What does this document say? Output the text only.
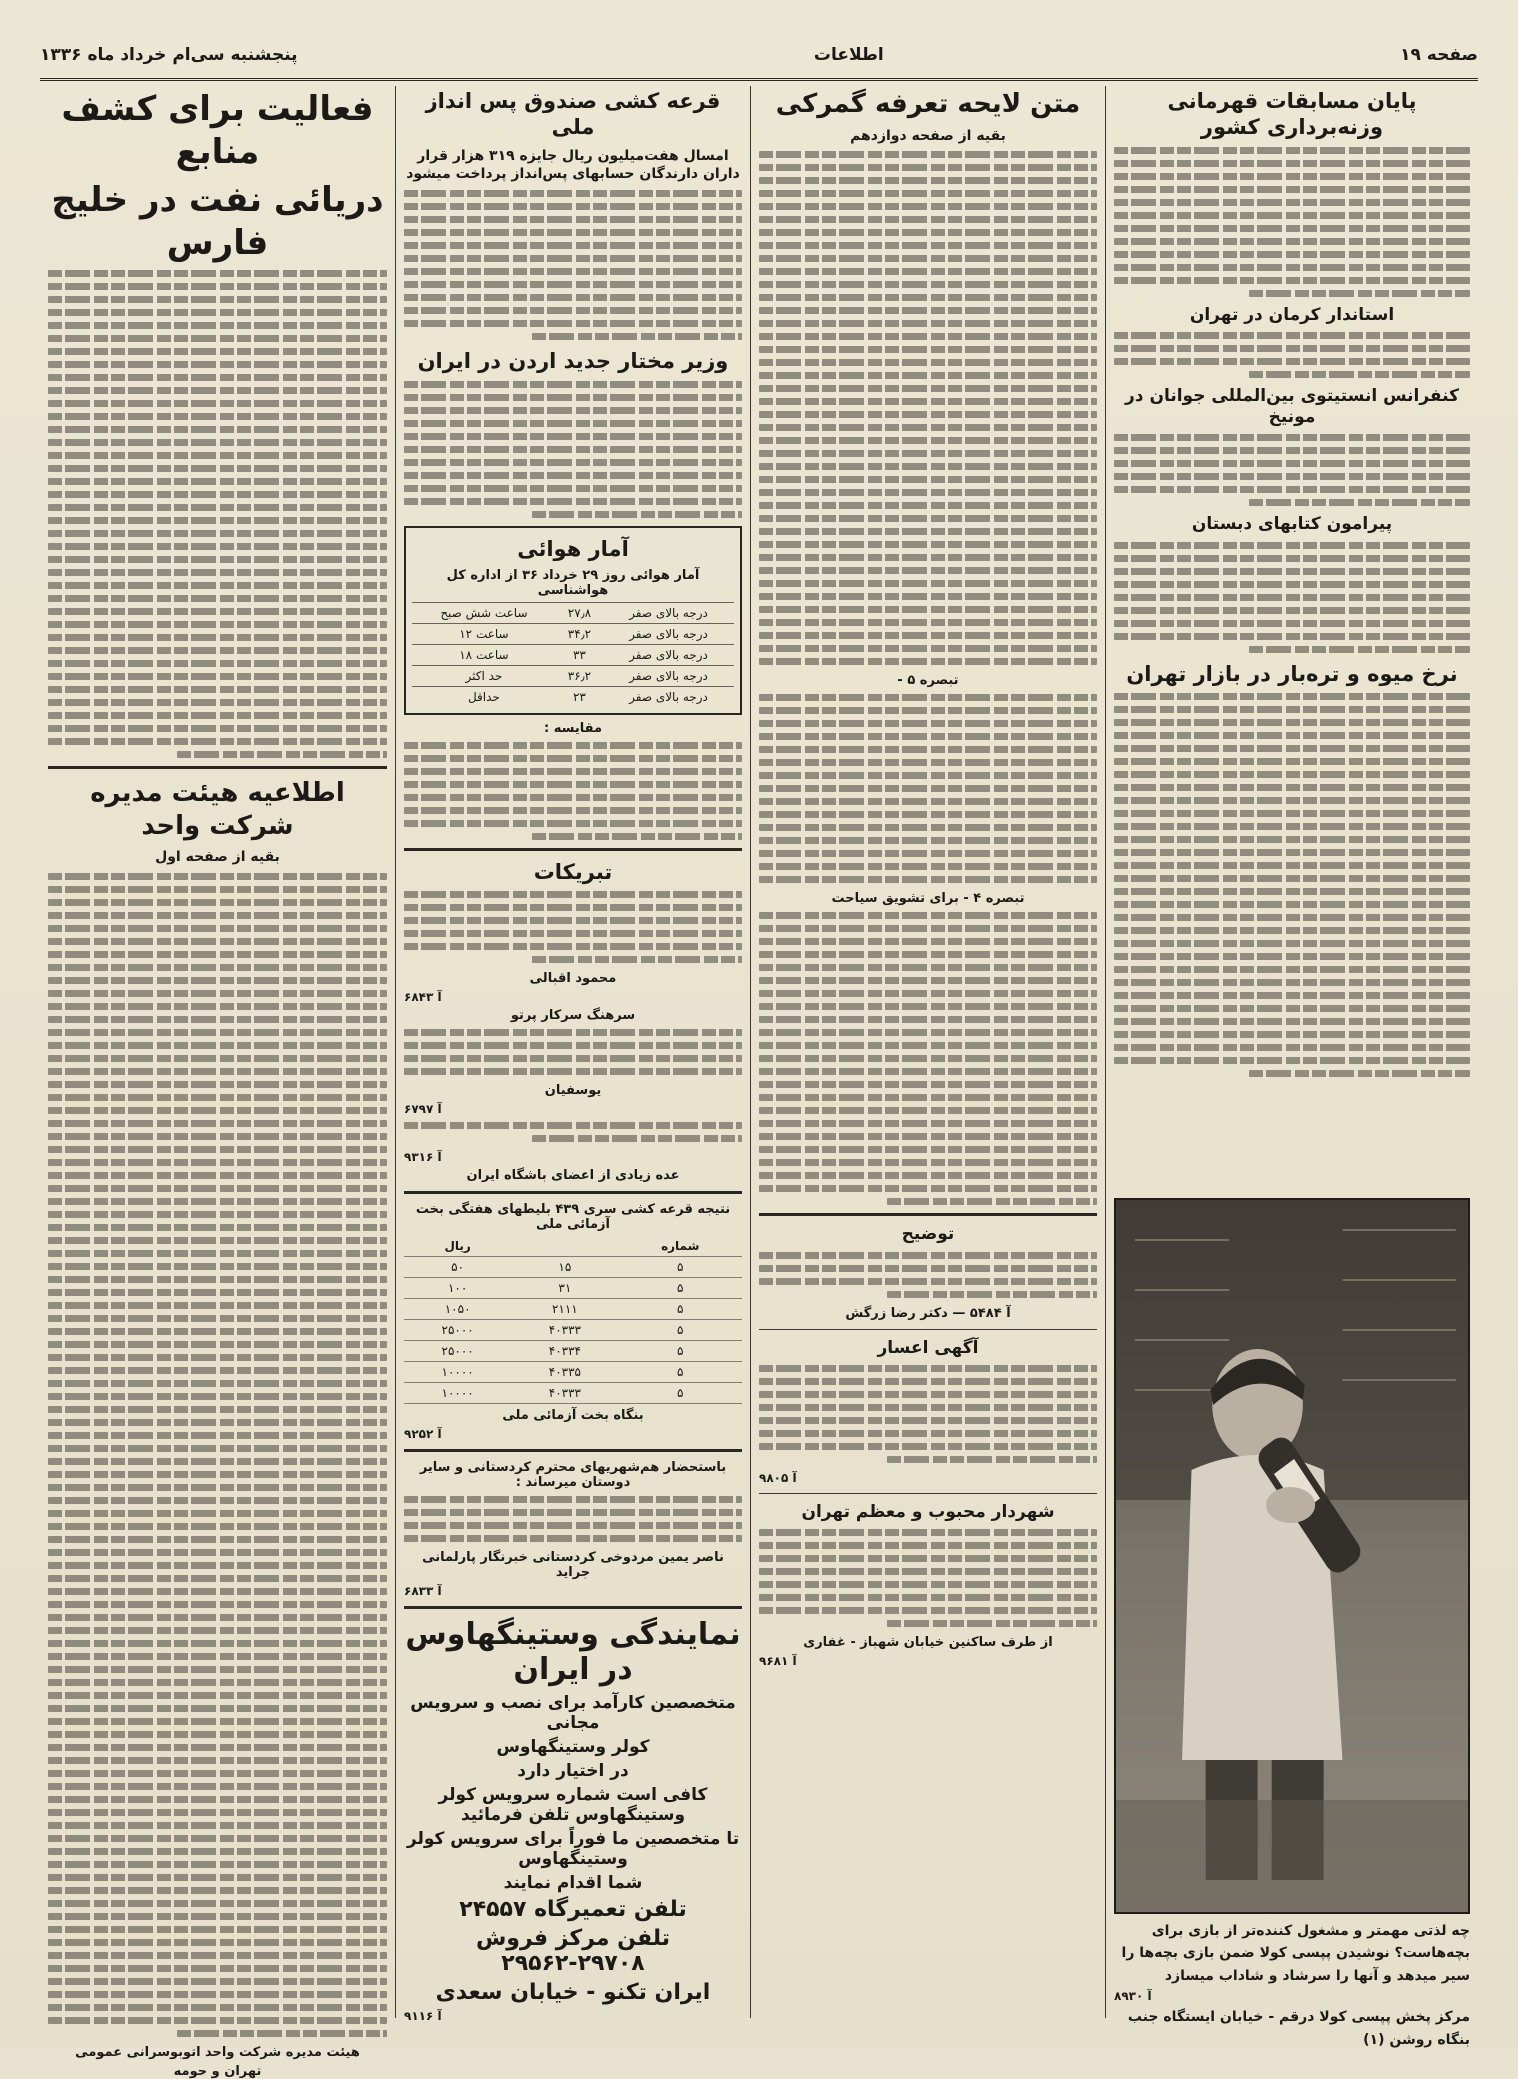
صفحه ۱۹
اطلاعات
پنجشنبه سی‌ام خرداد ماه ۱۳۳۶
پایان مسابقات قهرمانی وزنه‌برداری کشور
استاندار کرمان در تهران
کنفرانس انستیتوی بین‌المللی جوانان در مونیخ
پیرامون کتابهای دبستان
نرخ میوه و تره‌بار در بازار تهران
چه لذتی مهمتر و مشغول کننده‌تر از بازی برای بچه‌هاست؟ نوشیدن پپسی کولا ضمن بازی بچه‌ها را سیر میدهد و آنها را سرشاد و شاداب میسازد
آ ۸۹۳۰
مرکز پخش پپسی کولا درقم - خیابان ایستگاه جنب بنگاه روشن (۱)
متن لایحه تعرفه گمرکی
بقیه از صفحه دوازدهم
تبصره ۵ -
تبصره ۴ - برای تشویق سیاحت
توضیح
آ ۵۴۸۴ — دکتر رضا زرگش
آگهی اعسار
آ ۹۸۰۵
شهردار محبوب و معظم تهران
از طرف ساکنین خیابان شهباز - غفاری
آ ۹۶۸۱
قرعه کشی صندوق پس انداز ملی
امسال هفت‌میلیون ریال جایزه ۳۱۹ هزار قرار داران دارندگان حسابهای پس‌انداز پرداخت میشود
وزیر مختار جدید اردن در ایران
آمار هوائی
آمار هوائی روز ۲۹ خرداد ۳۶ از اداره کل هواشناسی
درجه بالای صفر	۲۷٫۸	ساعت شش صبح
درجه بالای صفر	۳۴٫۲	ساعت ۱۲
درجه بالای صفر	۳۳	ساعت ۱۸
درجه بالای صفر	۳۶٫۲	حد اکثر
درجه بالای صفر	۲۳	حداقل
مقایسه :
تبریکات
محمود اقبالی
آ ۶۸۴۳
سرهنگ سرکار پرتو
یوسفیان
آ ۶۷۹۷
آ ۹۳۱۶
عده زیادی از اعضای باشگاه ایران
نتیجه قرعه کشی سری ۴۳۹ بلیطهای هفتگی بخت آزمائی ملی
شماره		ریال
۵	۱۵	۵۰
۵	۳۱	۱۰۰
۵	۲۱۱۱	۱۰۵۰
۵	۴۰۳۳۳	۲۵۰۰۰
۵	۴۰۳۳۴	۲۵۰۰۰
۵	۴۰۳۳۵	۱۰۰۰۰
۵	۴۰۳۳۳	۱۰۰۰۰
بنگاه بخت آزمائی ملی
آ ۹۲۵۲
باستحضار هم‌شهریهای محترم کردستانی و سایر دوستان میرساند :
ناصر یمین مردوخی کردستانی خبرنگار پارلمانی جراید
آ ۶۸۳۳
نمایندگی وستینگهاوس در ایران
متخصصین کارآمد برای نصب و سرویس مجانی
کولر وستینگهاوس
در اختیار دارد
کافی است شماره سرویس کولر وستینگهاوس تلفن فرمائید
تا متخصصین ما فوراً برای سرویس کولر وستینگهاوس
شما اقدام نمایند
تلفن تعمیرگاه ۲۴۵۵۷
تلفن مرکز فروش ۲۹۷۰۸-۲۹۵۶۲
ایران تکنو - خیابان سعدی
آ ۹۱۱۶
فعالیت برای کشف منابع
دریائی نفت در خلیج فارس
اطلاعیه هیئت مدیره شرکت واحد
بقیه از صفحه اول
هیئت مدیره شرکت واحد اتوبوسرانی عمومی
تهران و حومه
